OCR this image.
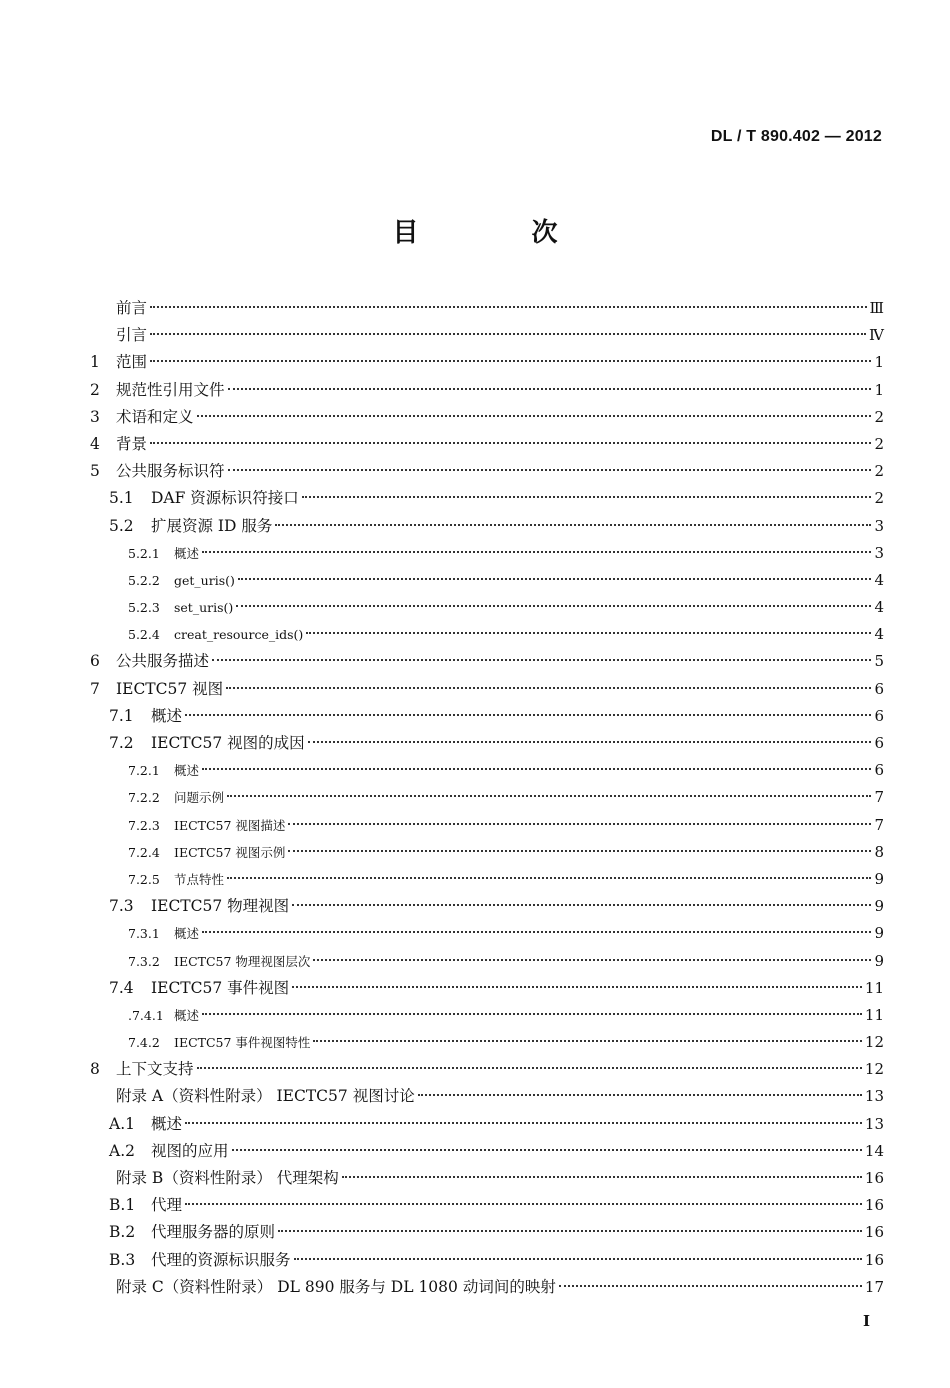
DL / T 890.402 — 2012
目 次
前言	Ⅲ
引言	Ⅳ
1	范围	1
2	规范性引用文件	1
3	术语和定义	2
4	背景	2
5	公共服务标识符	2
5.1	DAF 资源标识符接口	2
5.2	扩展资源 ID 服务	3
5.2.1	概述	3
5.2.2	get_uris()	4
5.2.3	set_uris()	4
5.2.4	creat_resource_ids()	4
6	公共服务描述	5
7	IECTC57 视图	6
7.1	概述	6
7.2	IECTC57 视图的成因	6
7.2.1	概述	6
7.2.2	问题示例	7
7.2.3	IECTC57 视图描述	7
7.2.4	IECTC57 视图示例	8
7.2.5	节点特性	9
7.3	IECTC57 物理视图	9
7.3.1	概述	9
7.3.2	IECTC57 物理视图层次	9
7.4	IECTC57 事件视图	11
.7.4.1 概述	11
7.4.2	IECTC57 事件视图特性	12
8	上下文支持	12
附录 A（资料性附录） IECTC57 视图讨论	13
A.1	概述	13
A.2	视图的应用	14
附录 B（资料性附录） 代理架构	16
B.1	代理	16
B.2	代理服务器的原则	16
B.3	代理的资源标识服务	16
附录 C（资料性附录） DL 890 服务与 DL 1080 动词间的映射	17
I
